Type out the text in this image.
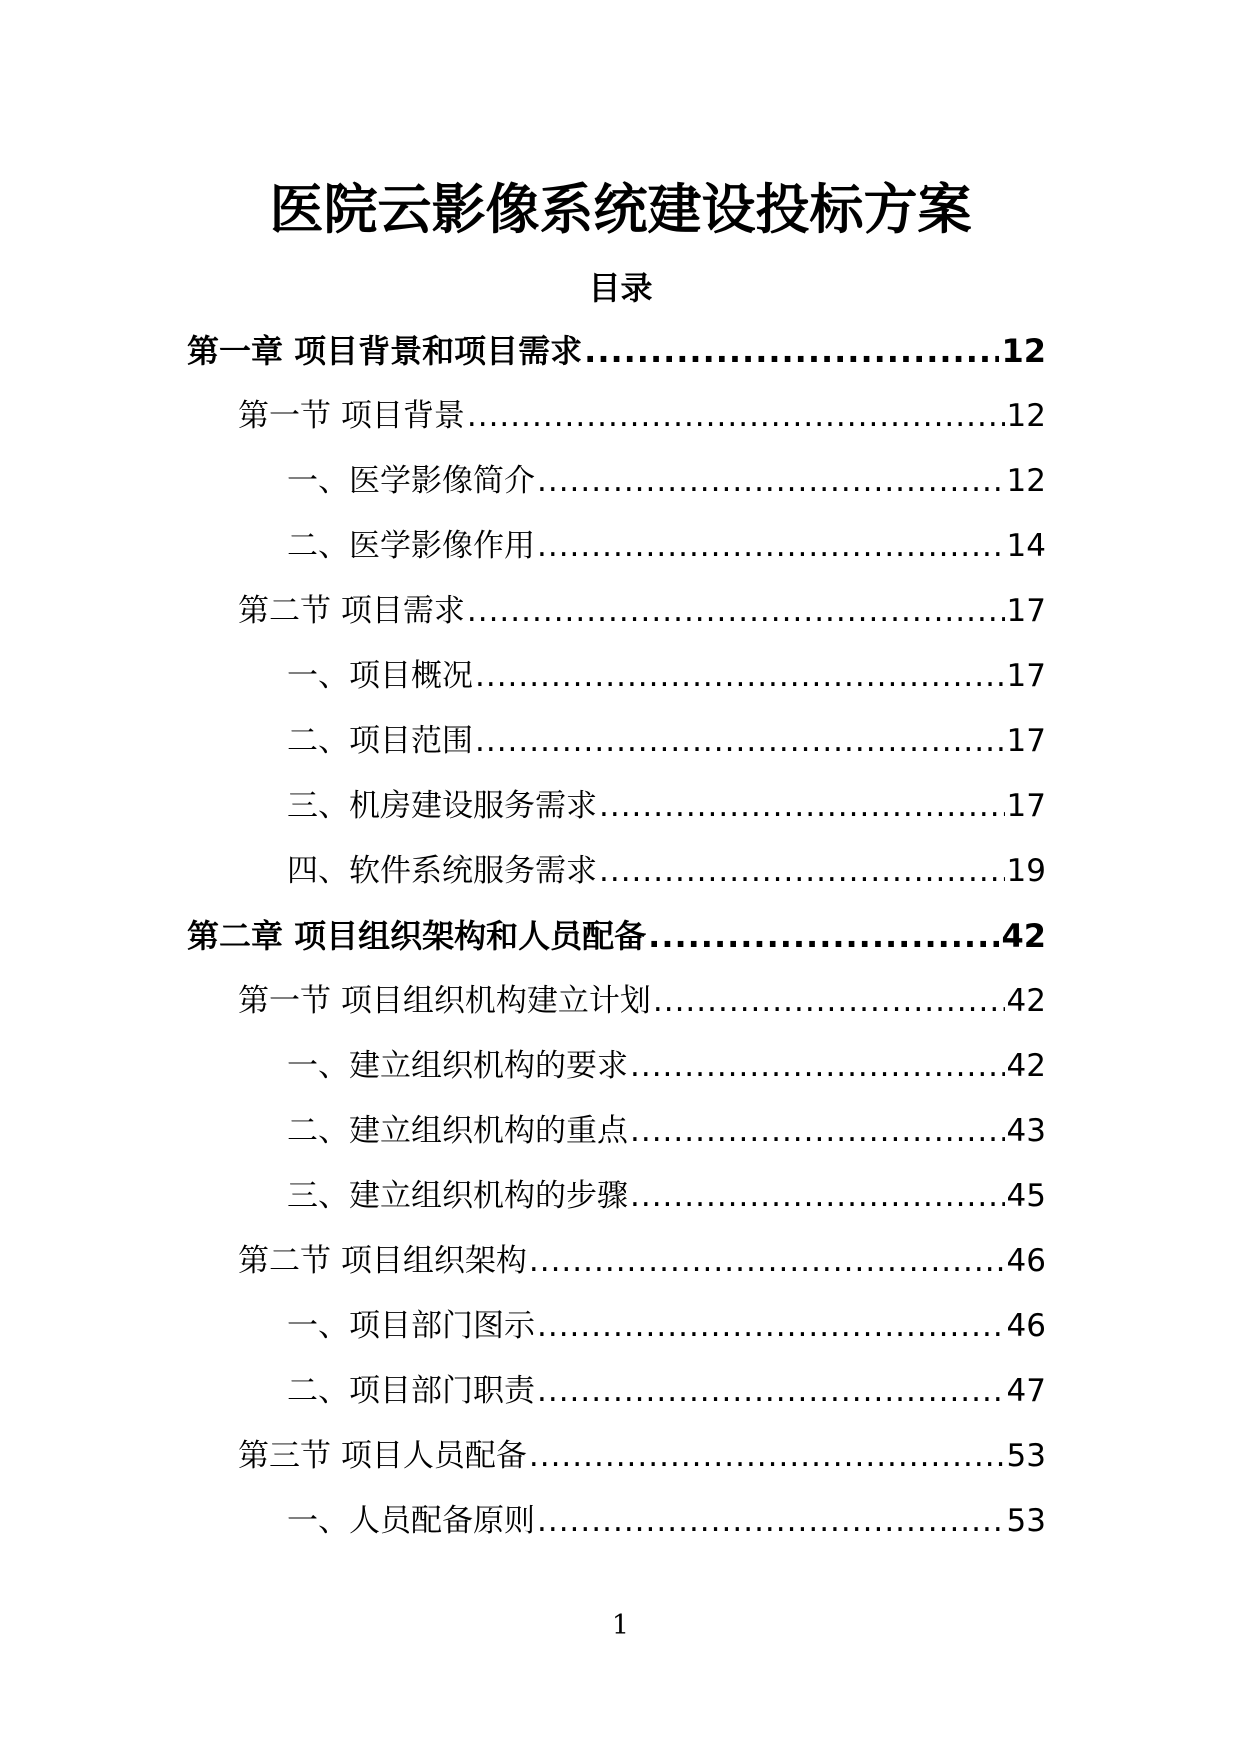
医院云影像系统建设投标方案
目录
第一章 项目背景和项目需求 .....	12
第一节 项目背景 .....	12
一、医学影像简介 .....	12
二、医学影像作用 .....	14
第二节 项目需求 .....	17
一、项目概况 .....	17
二、项目范围 .....	17
三、机房建设服务需求 .....	17
四、软件系统服务需求 .....	19
第二章 项目组织架构和人员配备 .....	42
第一节 项目组织机构建立计划 .....	42
一、建立组织机构的要求 .....	42
二、建立组织机构的重点 .....	43
三、建立组织机构的步骤 .....	45
第二节 项目组织架构 .....	46
一、项目部门图示 .....	46
二、项目部门职责 .....	47
第三节 项目人员配备 .....	53
一、人员配备原则 .....	53
1
